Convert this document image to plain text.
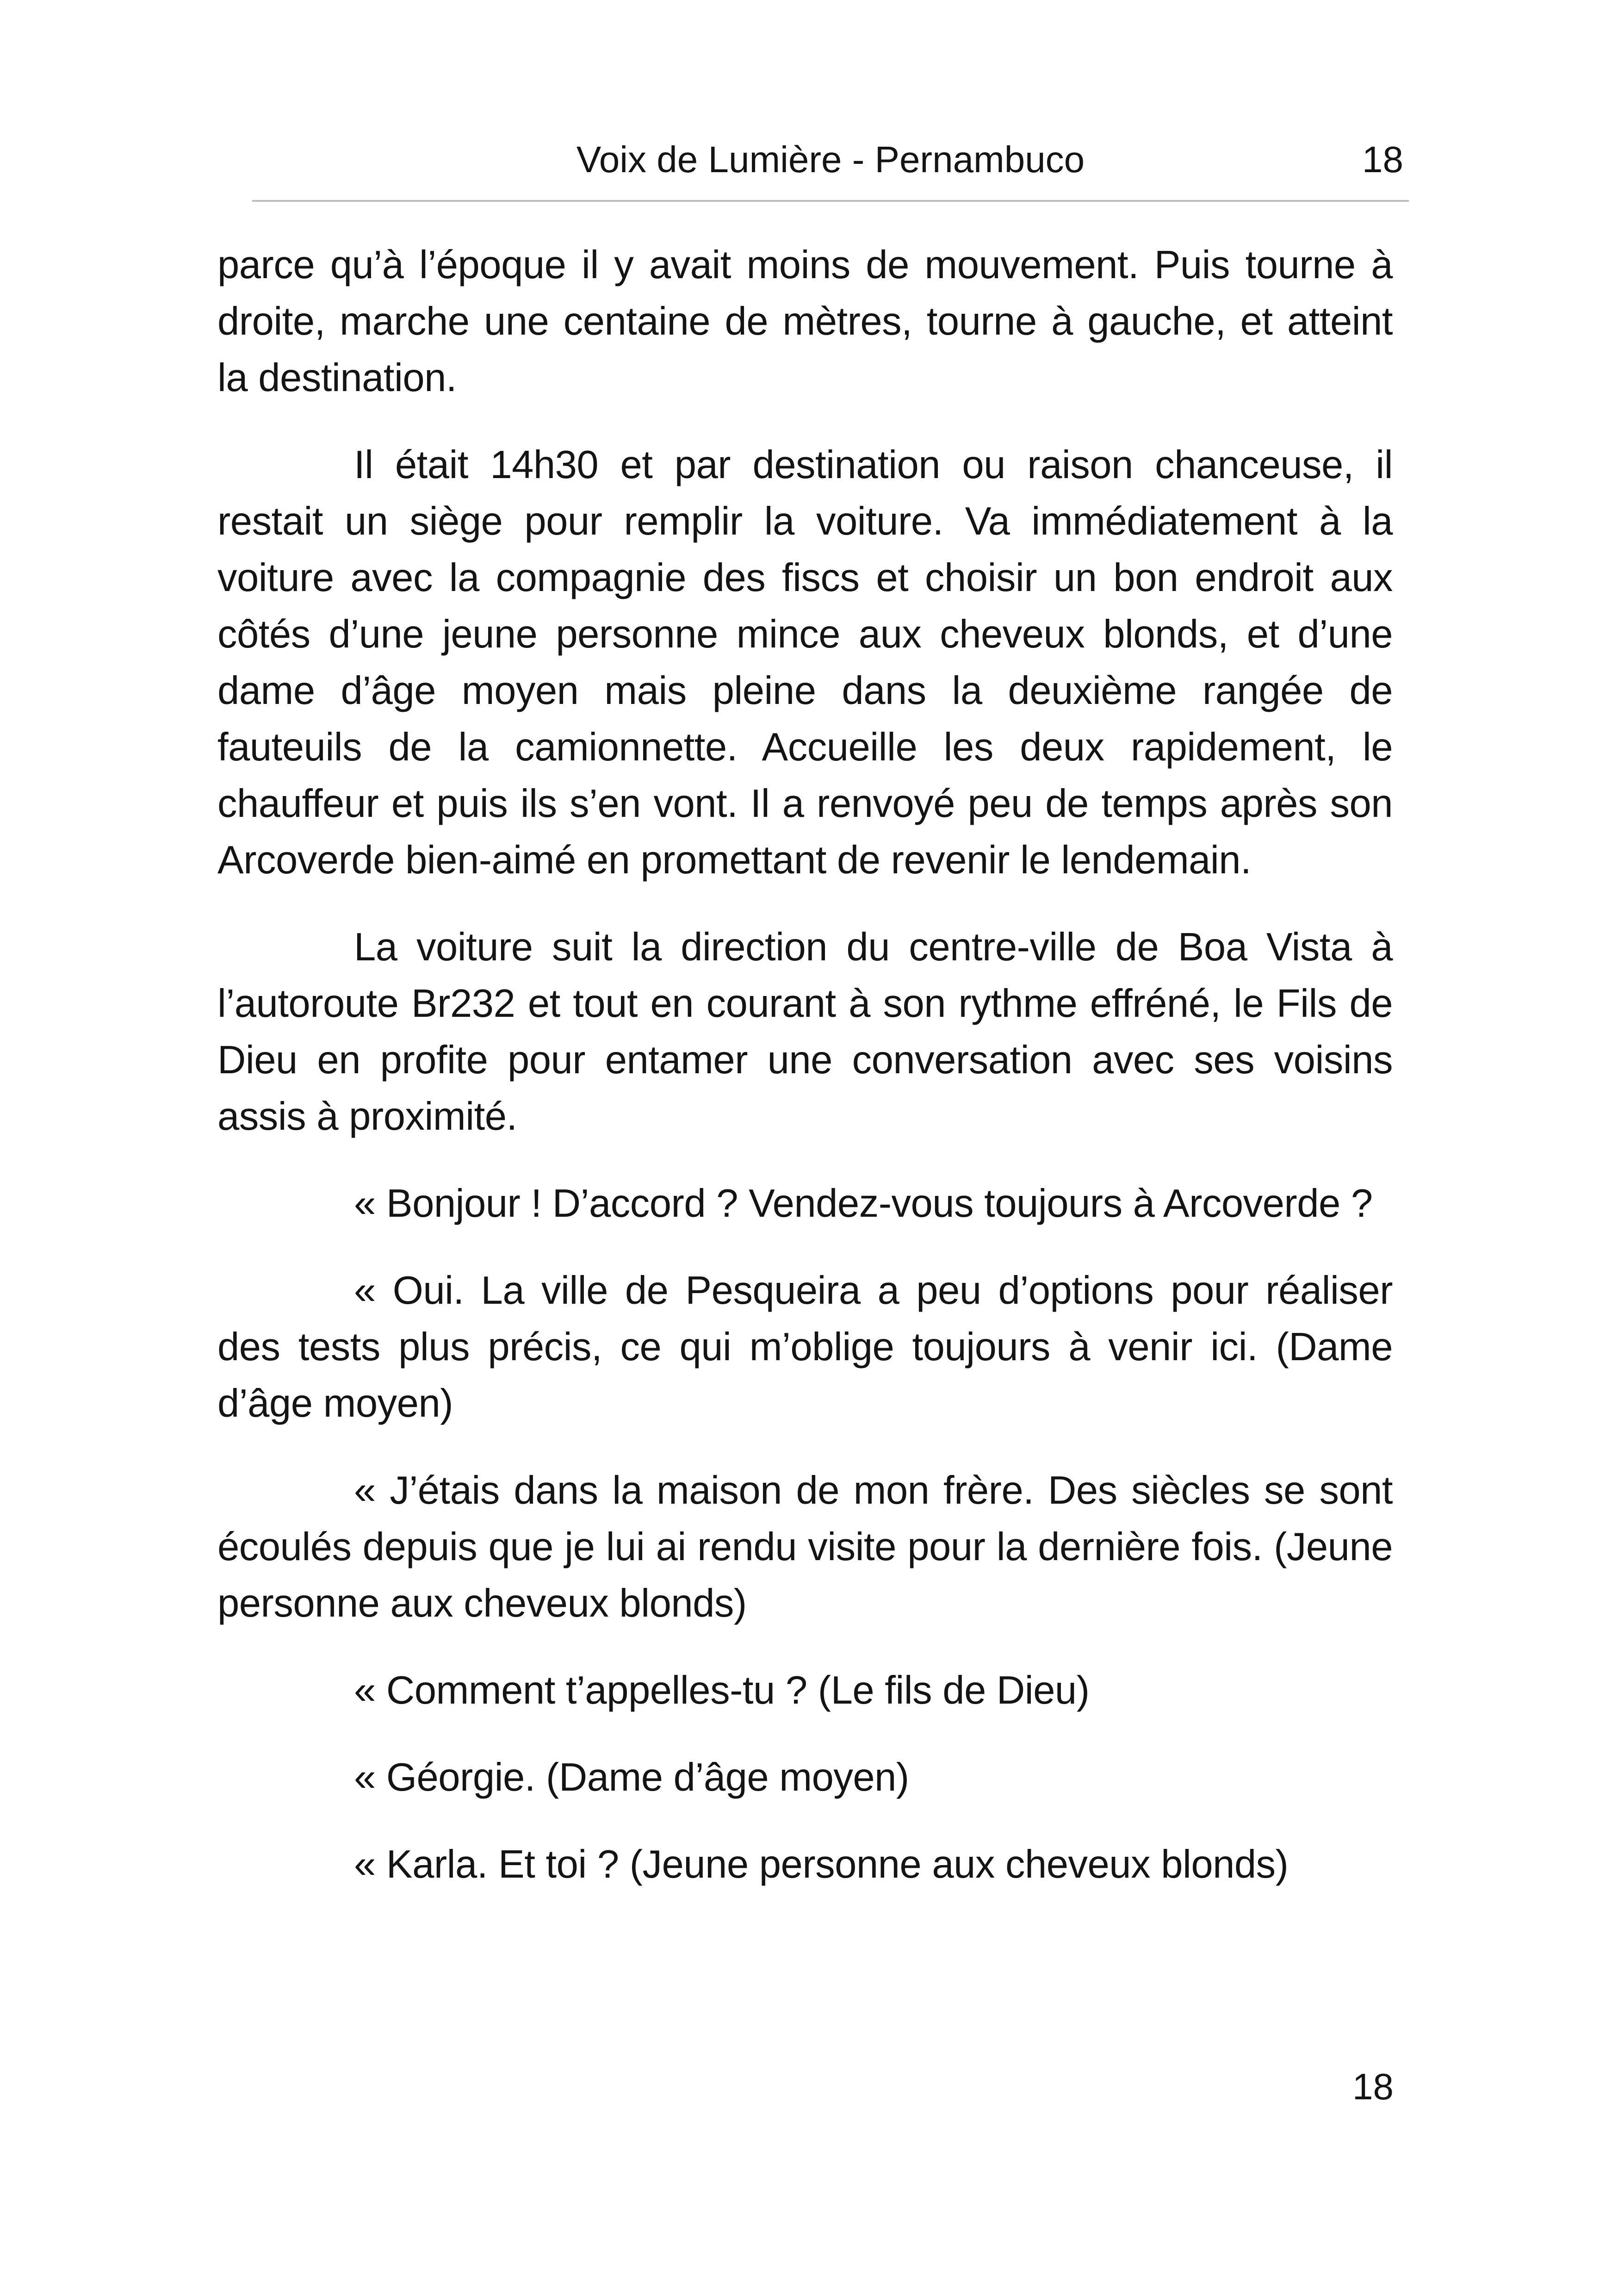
Voix de Lumière - Pernambuco	18

parce qu’à l’époque il y avait moins de mouvement. Puis tourne à droite, marche une centaine de mètres, tourne à gauche, et atteint la destination.

Il était 14h30 et par destination ou raison chanceuse, il restait un siège pour remplir la voiture. Va immédiatement à la voiture avec la compagnie des fiscs et choisir un bon endroit aux côtés d’une jeune personne mince aux cheveux blonds, et d’une dame d’âge moyen mais pleine dans la deuxième rangée de fauteuils de la camionnette. Accueille les deux rapidement, le chauffeur et puis ils s’en vont. Il a renvoyé peu de temps après son Arcoverde bien-aimé en promettant de revenir le lendemain.

La voiture suit la direction du centre-ville de Boa Vista à l’autoroute Br232 et tout en courant à son rythme effréné, le Fils de Dieu en profite pour entamer une conversation avec ses voisins assis à proximité.

« Bonjour ! D’accord ? Vendez-vous toujours à Arcoverde ?

« Oui. La ville de Pesqueira a peu d’options pour réaliser des tests plus précis, ce qui m’oblige toujours à venir ici. (Dame d’âge moyen)

« J’étais dans la maison de mon frère. Des siècles se sont écoulés depuis que je lui ai rendu visite pour la dernière fois. (Jeune personne aux cheveux blonds)

« Comment t’appelles-tu ? (Le fils de Dieu)

« Géorgie. (Dame d’âge moyen)

« Karla. Et toi ? (Jeune personne aux cheveux blonds)

18
